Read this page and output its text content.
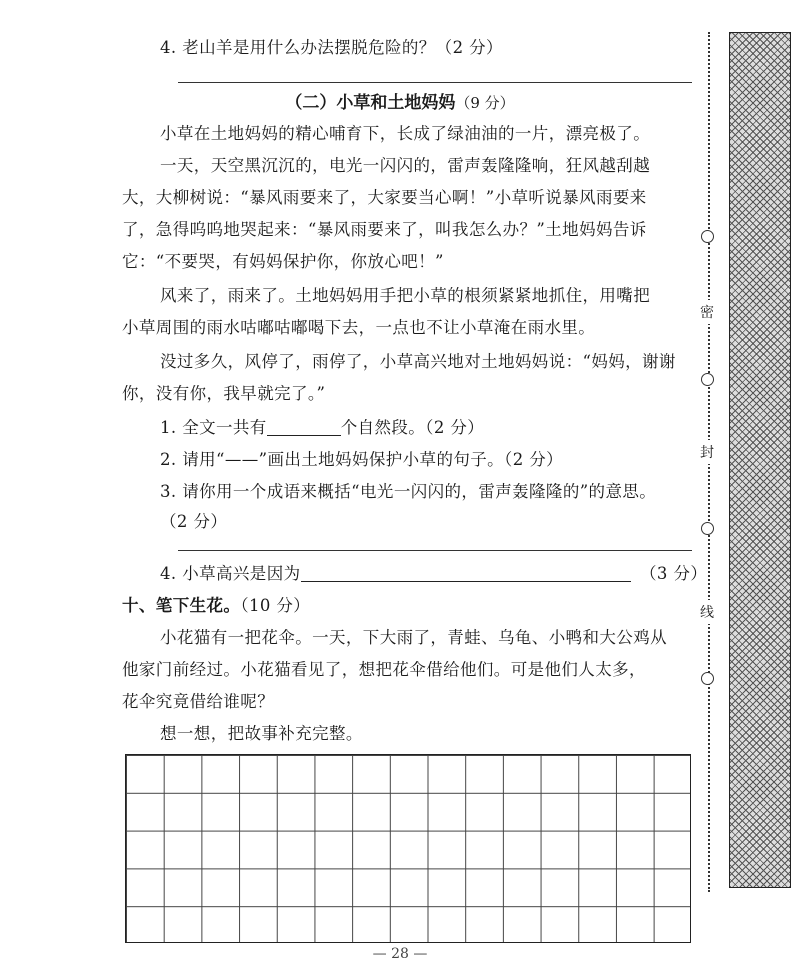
4. 老山羊是用什么办法摆脱危险的？（2 分）
（二）小草和土地妈妈（9 分）
小草在土地妈妈的精心哺育下，长成了绿油油的一片，漂亮极了。
一天，天空黑沉沉的，电光一闪闪的，雷声轰隆隆响，狂风越刮越
大，大柳树说：“暴风雨要来了，大家要当心啊！”小草听说暴风雨要来
了，急得呜呜地哭起来：“暴风雨要来了，叫我怎么办？”土地妈妈告诉
它：“不要哭，有妈妈保护你，你放心吧！”
风来了，雨来了。土地妈妈用手把小草的根须紧紧地抓住，用嘴把
小草周围的雨水咕嘟咕嘟喝下去，一点也不让小草淹在雨水里。
没过多久，风停了，雨停了，小草高兴地对土地妈妈说：“妈妈，谢谢
你，没有你，我早就完了。”
1. 全文一共有	个自然段。（2 分）
2. 请用“——”画出土地妈妈保护小草的句子。（2 分）
3. 请你用一个成语来概括“电光一闪闪的，雷声轰隆隆的”的意思。
（2 分）
4. 小草高兴是因为	（3 分）
十、笔下生花。（10 分）
小花猫有一把花伞。一天，下大雨了，青蛙、乌龟、小鸭和大公鸡从
他家门前经过。小花猫看见了，想把花伞借给他们。可是他们人太多，
花伞究竟借给谁呢？
想一想，把故事补充完整。
— 28 —
密
封
线
